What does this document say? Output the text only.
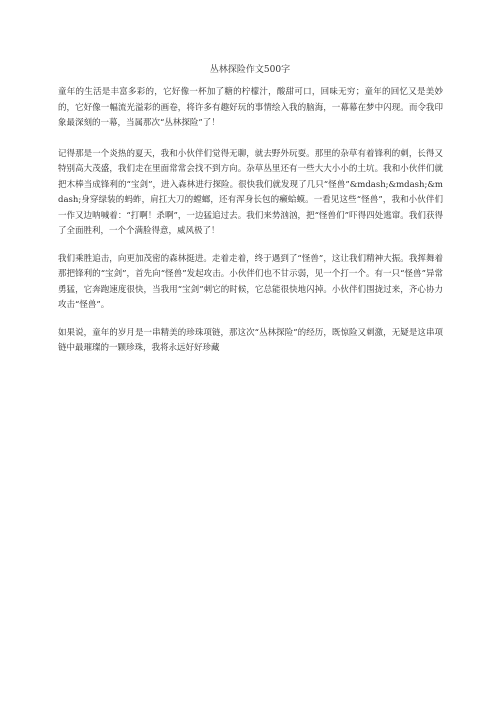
丛林探险作文500字

童年的生活是丰富多彩的，它好像一杯加了糖的柠檬汁，酸甜可口，回味无穷；童年的回忆又是美妙的，它好像一幅流光溢彩的画卷，将许多有趣好玩的事情绘入我的脑海，一幕幕在梦中闪现。而令我印象最深刻的一幕，当属那次“丛林探险”了！

记得那是一个炎热的夏天，我和小伙伴们觉得无聊，就去野外玩耍。那里的杂草有着锋利的刺，长得又特别高大茂盛，我们走在里面常常会找不到方向。杂草丛里还有一些大大小小的土坑。我和小伙伴们就把木棒当成锋利的“宝剑”，进入森林进行探险。很快我们就发现了几只“怪兽”&mdash;&mdash;&mdash;身穿绿装的蚂蚱，肩扛大刀的螳螂，还有浑身长包的癞蛤蟆。一看见这些“怪兽”，我和小伙伴们一作又边呐喊着：“打啊！杀啊”，一边猛追过去。我们来势汹汹，把“怪兽们”吓得四处逃窜。我们获得了全面胜利，一个个满脸得意，威风极了！

我们乘胜追击，向更加茂密的森林挺进。走着走着，终于遇到了“怪兽”，这让我们精神大振。我挥舞着那把锋利的“宝剑”，首先向“怪兽”发起攻击。小伙伴们也不甘示弱，见一个打一个。有一只“怪兽”异常勇猛，它奔跑速度很快，当我用“宝剑”刺它的时候，它总能很快地闪掉。小伙伴们围拢过来，齐心协力攻击“怪兽”。

如果说，童年的岁月是一串精美的珍珠项链，那这次“丛林探险”的经历，既惊险又刺激，无疑是这串项链中最璀璨的一颗珍珠，我将永远好好珍藏
